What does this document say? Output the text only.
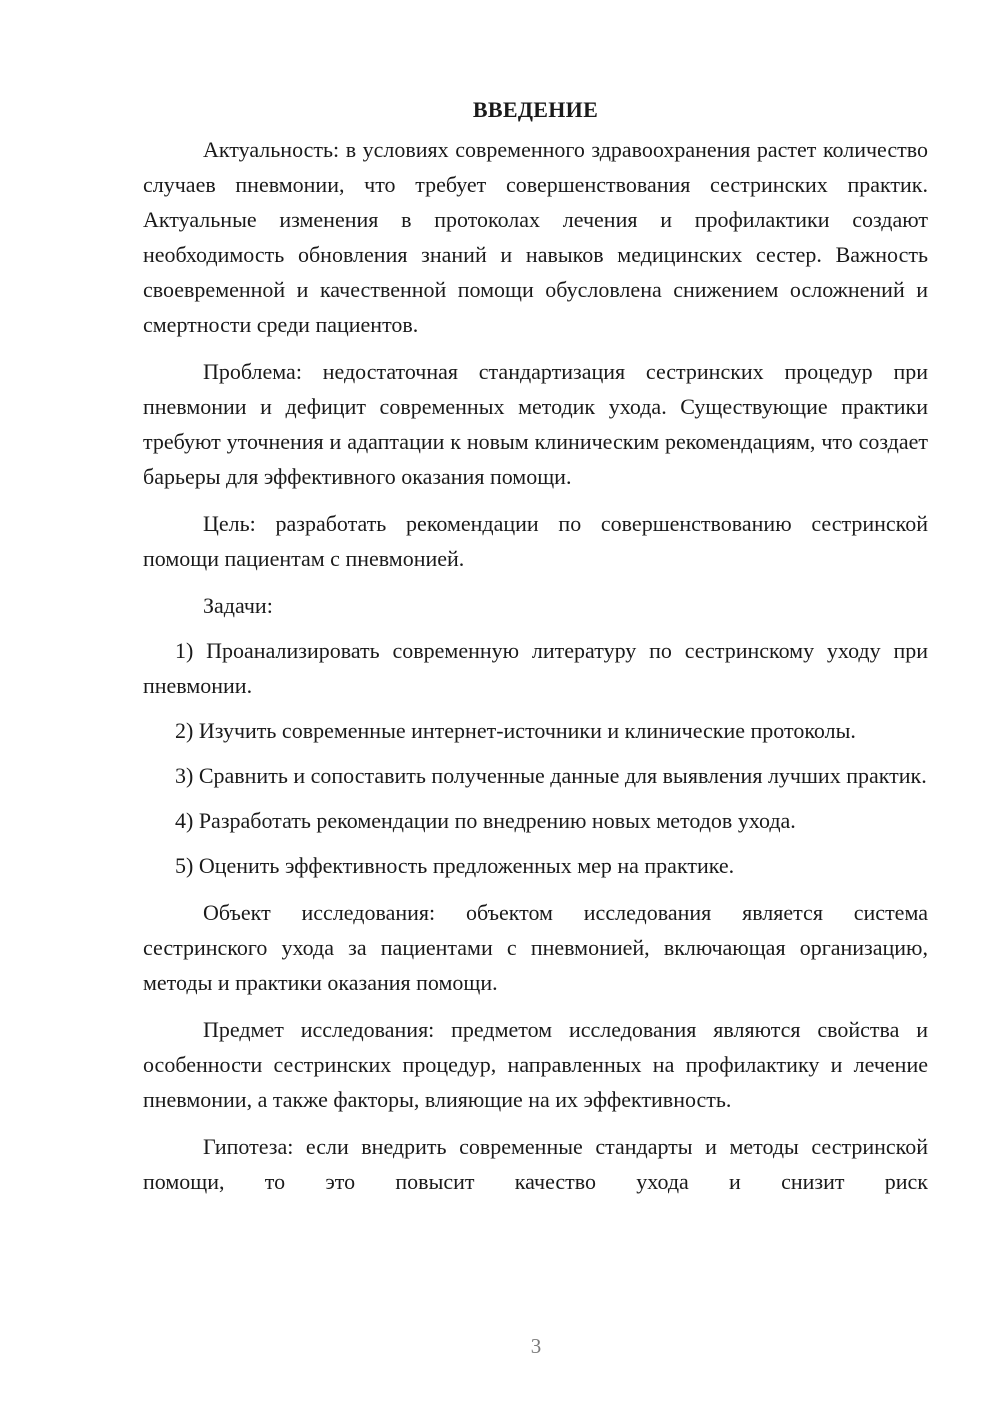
ВВЕДЕНИЕ

Актуальность: в условиях современного здравоохранения растет количество случаев пневмонии, что требует совершенствования сестринских практик. Актуальные изменения в протоколах лечения и профилактики создают необходимость обновления знаний и навыков медицинских сестер. Важность своевременной и качественной помощи обусловлена снижением осложнений и смертности среди пациентов.

Проблема: недостаточная стандартизация сестринских процедур при пневмонии и дефицит современных методик ухода. Существующие практики требуют уточнения и адаптации к новым клиническим рекомендациям, что создает барьеры для эффективного оказания помощи.

Цель: разработать рекомендации по совершенствованию сестринской помощи пациентам с пневмонией.

Задачи:

1) Проанализировать современную литературу по сестринскому уходу при пневмонии.

2) Изучить современные интернет-источники и клинические протоколы.

3) Сравнить и сопоставить полученные данные для выявления лучших практик.

4) Разработать рекомендации по внедрению новых методов ухода.

5) Оценить эффективность предложенных мер на практике.

Объект исследования: объектом исследования является система сестринского ухода за пациентами с пневмонией, включающая организацию, методы и практики оказания помощи.

Предмет исследования: предметом исследования являются свойства и особенности сестринских процедур, направленных на профилактику и лечение пневмонии, а также факторы, влияющие на их эффективность.

Гипотеза: если внедрить современные стандарты и методы сестринской помощи, то это повысит качество ухода и снизит риск

3
